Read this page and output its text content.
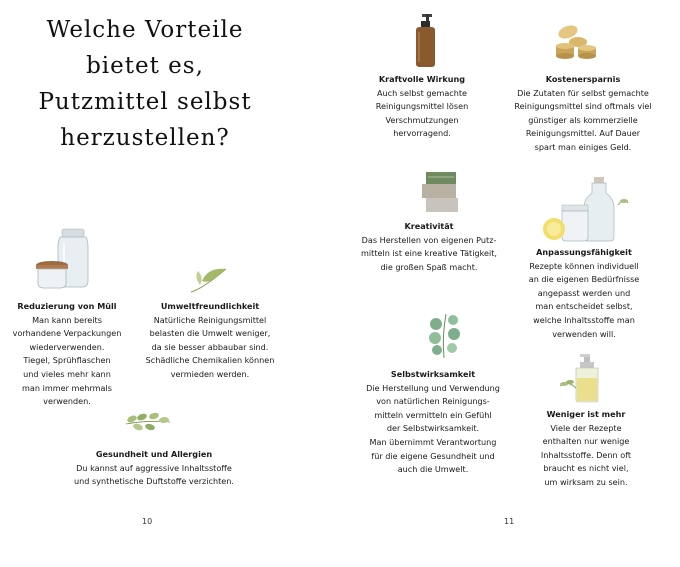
Welche Vorteile
bietet es,
Putzmittel selbst
herzustellen?
Reduzierung von Müll
Man kann bereits
vorhandene Verpackungen
wiederverwenden.
Tiegel, Sprühflaschen
und vieles mehr kann
man immer mehrmals
verwenden.
Umweltfreundlichkeit
Natürliche Reinigungsmittel
belasten die Umwelt weniger,
da sie besser abbaubar sind.
Schädliche Chemikalien können
vermieden werden.
Gesundheit und Allergien
Du kannst auf aggressive Inhaltsstoffe
und synthetische Duftstoffe verzichten.
10
Kraftvolle Wirkung
Auch selbst gemachte
Reinigungsmittel lösen
Verschmutzungen
hervorragend.
Kostenersparnis
Die Zutaten für selbst gemachte
Reinigungsmittel sind oftmals viel
günstiger als kommerzielle
Reinigungsmittel. Auf Dauer
spart man einiges Geld.
Kreativität
Das Herstellen von eigenen Putz-
mitteln ist eine kreative Tätigkeit,
die großen Spaß macht.
Anpassungsfähigkeit
Rezepte können individuell
an die eigenen Bedürfnisse
angepasst werden und
man entscheidet selbst,
welche Inhaltsstoffe man
verwenden will.
Selbstwirksamkeit
Die Herstellung und Verwendung
von natürlichen Reinigungs-
mitteln vermitteln ein Gefühl
der Selbstwirksamkeit.
Man übernimmt Verantwortung
für die eigene Gesundheit und
auch die Umwelt.
Weniger ist mehr
Viele der Rezepte
enthalten nur wenige
Inhaltsstoffe. Denn oft
braucht es nicht viel,
um wirksam zu sein.
11
